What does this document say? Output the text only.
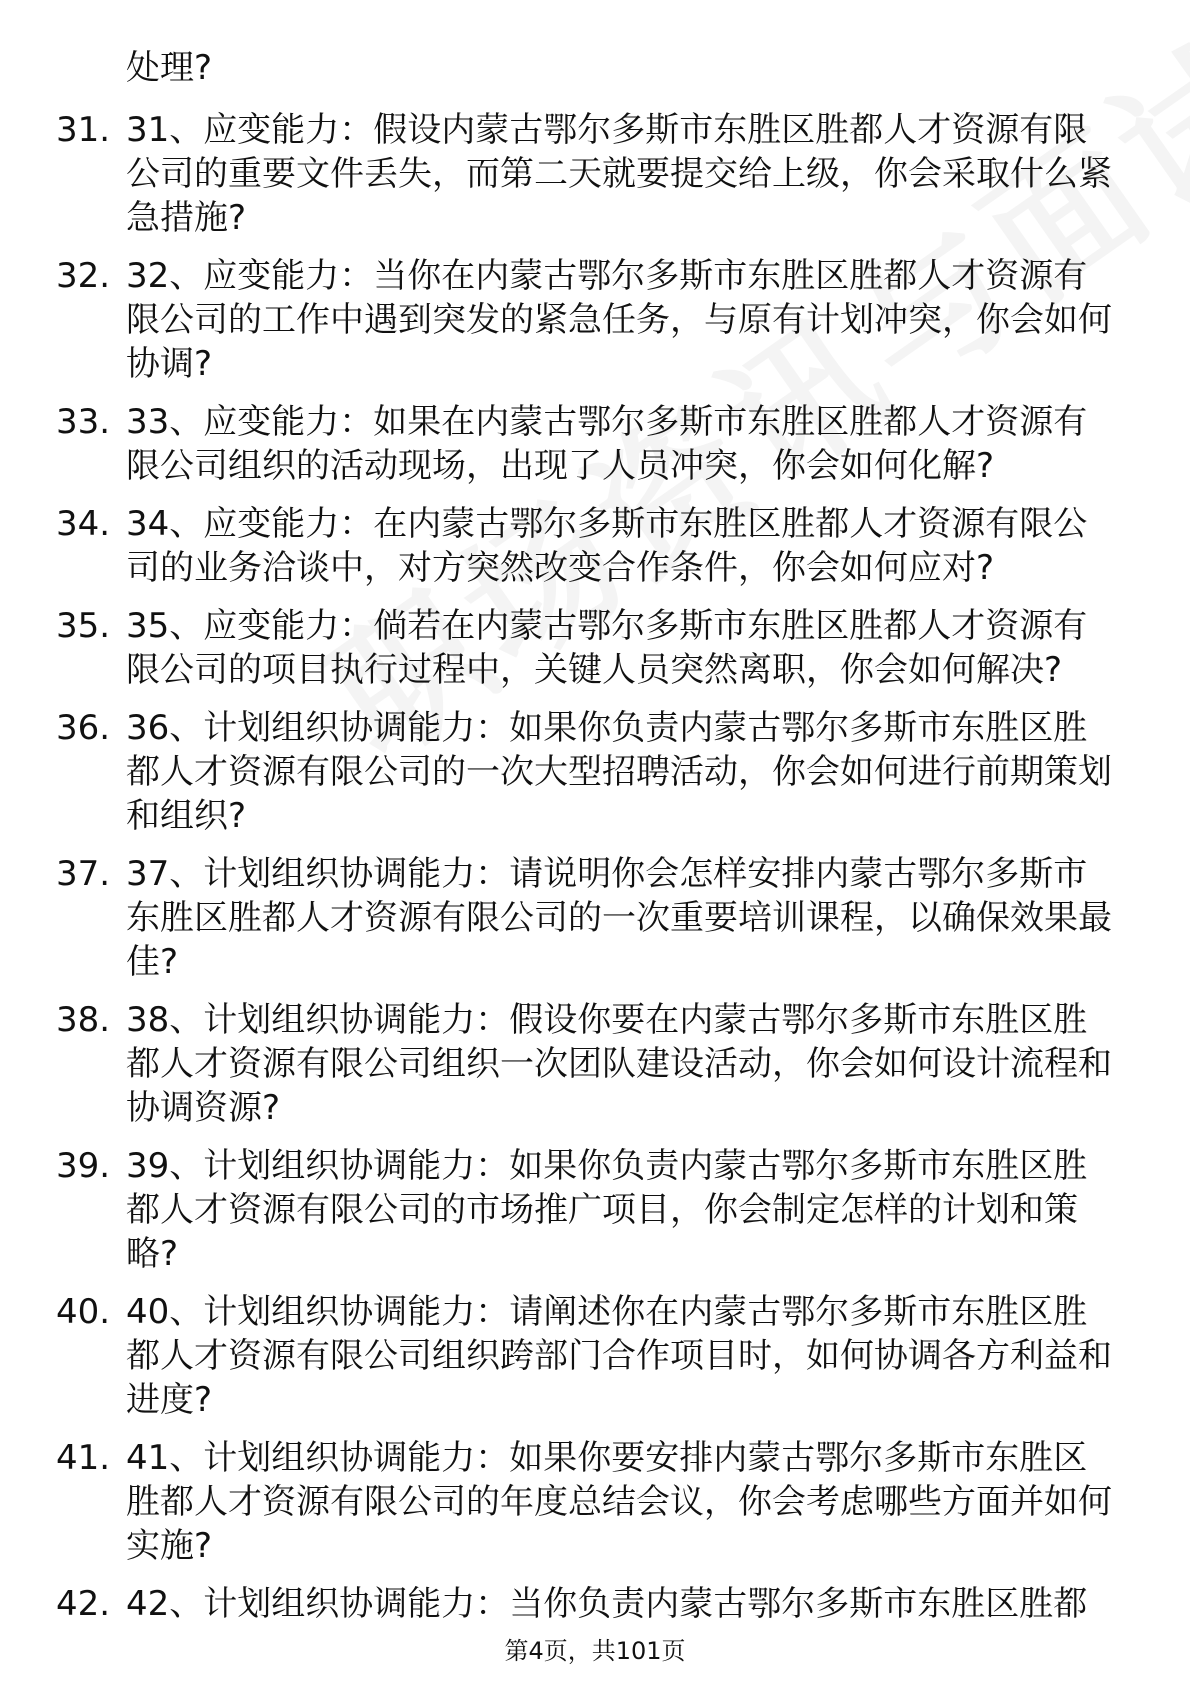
处理?
31. 31、应变能力：假设内蒙古鄂尔多斯市东胜区胜都人才资源有限公司的重要文件丢失，而第二天就要提交给上级，你会采取什么紧急措施?
32. 32、应变能力：当你在内蒙古鄂尔多斯市东胜区胜都人才资源有限公司的工作中遇到突发的紧急任务，与原有计划冲突，你会如何协调?
33. 33、应变能力：如果在内蒙古鄂尔多斯市东胜区胜都人才资源有限公司组织的活动现场，出现了人员冲突，你会如何化解?
34. 34、应变能力：在内蒙古鄂尔多斯市东胜区胜都人才资源有限公司的业务洽谈中，对方突然改变合作条件，你会如何应对?
35. 35、应变能力：倘若在内蒙古鄂尔多斯市东胜区胜都人才资源有限公司的项目执行过程中，关键人员突然离职，你会如何解决?
36. 36、计划组织协调能力：如果你负责内蒙古鄂尔多斯市东胜区胜都人才资源有限公司的一次大型招聘活动，你会如何进行前期策划和组织?
37. 37、计划组织协调能力：请说明你会怎样安排内蒙古鄂尔多斯市东胜区胜都人才资源有限公司的一次重要培训课程，以确保效果最佳?
38. 38、计划组织协调能力：假设你要在内蒙古鄂尔多斯市东胜区胜都人才资源有限公司组织一次团队建设活动，你会如何设计流程和协调资源?
39. 39、计划组织协调能力：如果你负责内蒙古鄂尔多斯市东胜区胜都人才资源有限公司的市场推广项目，你会制定怎样的计划和策略?
40. 40、计划组织协调能力：请阐述你在内蒙古鄂尔多斯市东胜区胜都人才资源有限公司组织跨部门合作项目时，如何协调各方利益和进度?
41. 41、计划组织协调能力：如果你要安排内蒙古鄂尔多斯市东胜区胜都人才资源有限公司的年度总结会议，你会考虑哪些方面并如何实施?
42. 42、计划组织协调能力：当你负责内蒙古鄂尔多斯市东胜区胜都
第4页，共101页
